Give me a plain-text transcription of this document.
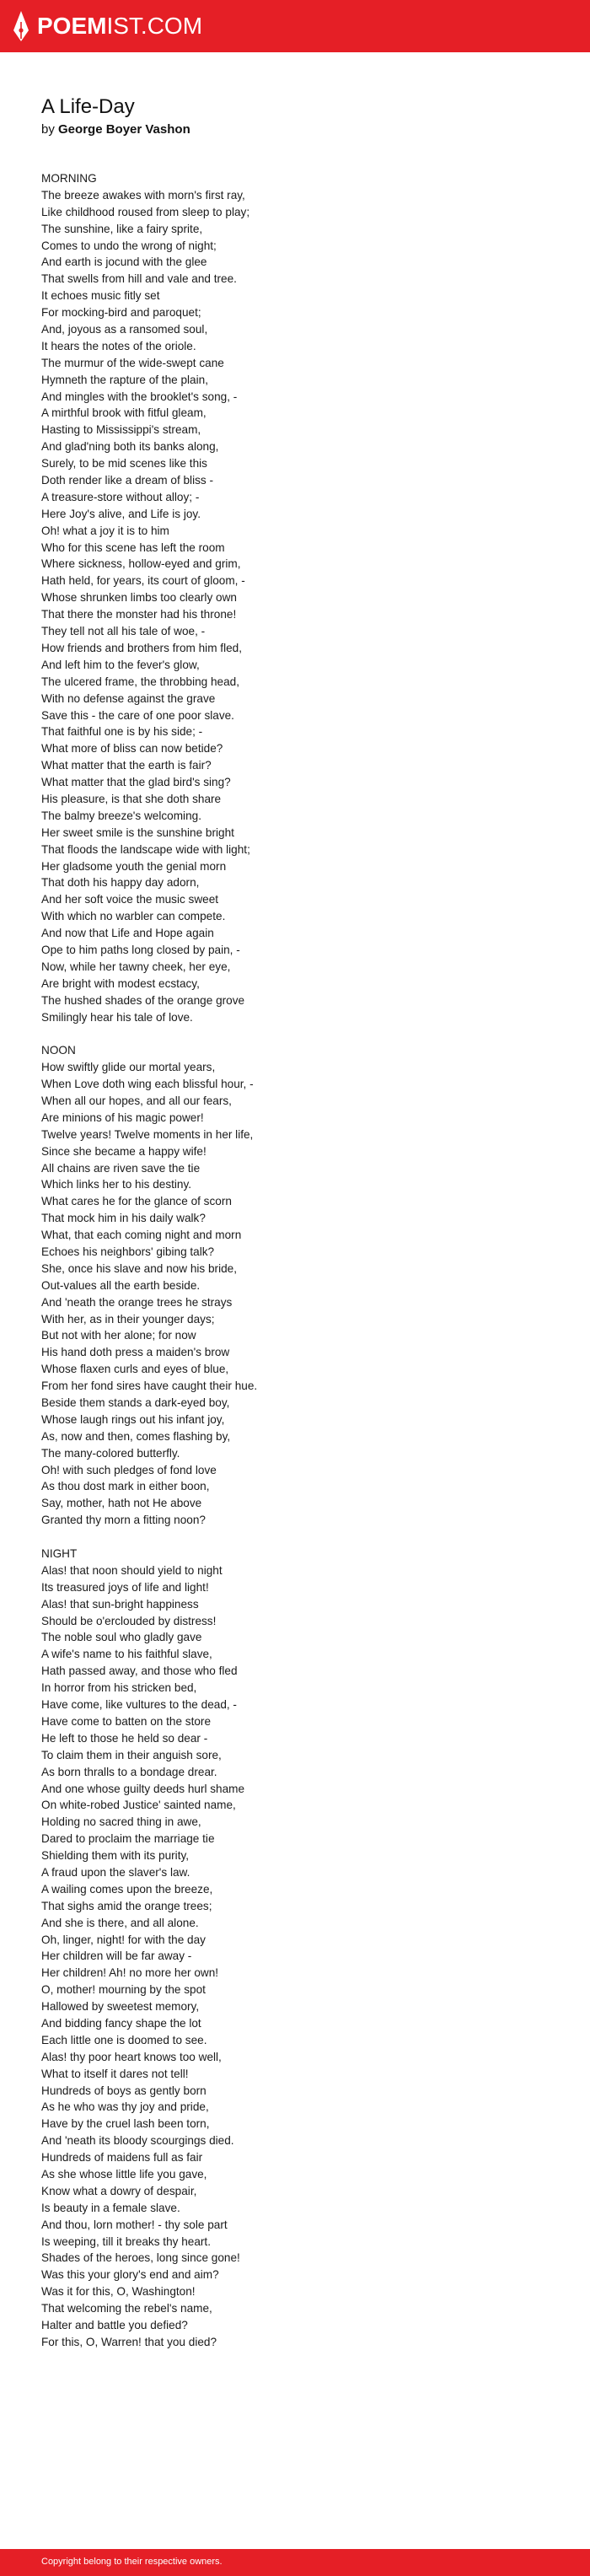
POEMIST.COM
A Life-Day
by George Boyer Vashon
MORNING
The breeze awakes with morn's first ray,
Like childhood roused from sleep to play;
The sunshine, like a fairy sprite,
Comes to undo the wrong of night;
And earth is jocund with the glee
That swells from hill and vale and tree.
It echoes music fitly set
For mocking-bird and paroquet;
And, joyous as a ransomed soul,
It hears the notes of the oriole.
The murmur of the wide-swept cane
Hymneth the rapture of the plain,
And mingles with the brooklet's song, -
A mirthful brook with fitful gleam,
Hasting to Mississippi's stream,
And glad'ning both its banks along,
Surely, to be mid scenes like this
Doth render like a dream of bliss -
A treasure-store without alloy; -
Here Joy's alive, and Life is joy.
Oh! what a joy it is to him
Who for this scene has left the room
Where sickness, hollow-eyed and grim,
Hath held, for years, its court of gloom, -
Whose shrunken limbs too clearly own
That there the monster had his throne!
They tell not all his tale of woe, -
How friends and brothers from him fled,
And left him to the fever's glow,
The ulcered frame, the throbbing head,
With no defense against the grave
Save this - the care of one poor slave.
That faithful one is by his side; -
What more of bliss can now betide?
What matter that the earth is fair?
What matter that the glad bird's sing?
His pleasure, is that she doth share
The balmy breeze's welcoming.
Her sweet smile is the sunshine bright
That floods the landscape wide with light;
Her gladsome youth the genial morn
That doth his happy day adorn,
And her soft voice the music sweet
With which no warbler can compete.
And now that Life and Hope again
Ope to him paths long closed by pain, -
Now, while her tawny cheek, her eye,
Are bright with modest ecstacy,
The hushed shades of the orange grove
Smilingly hear his tale of love.
NOON
How swiftly glide our mortal years,
When Love doth wing each blissful hour, -
When all our hopes, and all our fears,
Are minions of his magic power!
Twelve years! Twelve moments in her life,
Since she became a happy wife!
All chains are riven save the tie
Which links her to his destiny.
What cares he for the glance of scorn
That mock him in his daily walk?
What, that each coming night and morn
Echoes his neighbors' gibing talk?
She, once his slave and now his bride,
Out-values all the earth beside.
And 'neath the orange trees he strays
With her, as in their younger days;
But not with her alone; for now
His hand doth press a maiden's brow
Whose flaxen curls and eyes of blue,
From her fond sires have caught their hue.
Beside them stands a dark-eyed boy,
Whose laugh rings out his infant joy,
As, now and then, comes flashing by,
The many-colored butterfly.
Oh! with such pledges of fond love
As thou dost mark in either boon,
Say, mother, hath not He above
Granted thy morn a fitting noon?
NIGHT
Alas! that noon should yield to night
Its treasured joys of life and light!
Alas! that sun-bright happiness
Should be o'erclouded by distress!
The noble soul who gladly gave
A wife's name to his faithful slave,
Hath passed away, and those who fled
In horror from his stricken bed,
Have come, like vultures to the dead, -
Have come to batten on the store
He left to those he held so dear -
To claim them in their anguish sore,
As born thralls to a bondage drear.
And one whose guilty deeds hurl shame
On white-robed Justice' sainted name,
Holding no sacred thing in awe,
Dared to proclaim the marriage tie
Shielding them with its purity,
A fraud upon the slaver's law.
A wailing comes upon the breeze,
That sighs amid the orange trees;
And she is there, and all alone.
Oh, linger, night! for with the day
Her children will be far away -
Her children! Ah! no more her own!
O, mother! mourning by the spot
Hallowed by sweetest memory,
And bidding fancy shape the lot
Each little one is doomed to see.
Alas! thy poor heart knows too well,
What to itself it dares not tell!
Hundreds of boys as gently born
As he who was thy joy and pride,
Have by the cruel lash been torn,
And 'neath its bloody scourgings died.
Hundreds of maidens full as fair
As she whose little life you gave,
Know what a dowry of despair,
Is beauty in a female slave.
And thou, lorn mother! - thy sole part
Is weeping, till it breaks thy heart.
Shades of the heroes, long since gone!
Was this your glory's end and aim?
Was it for this, O, Washington!
That welcoming the rebel's name,
Halter and battle you defied?
For this, O, Warren! that you died?
Copyright belong to their respective owners.
